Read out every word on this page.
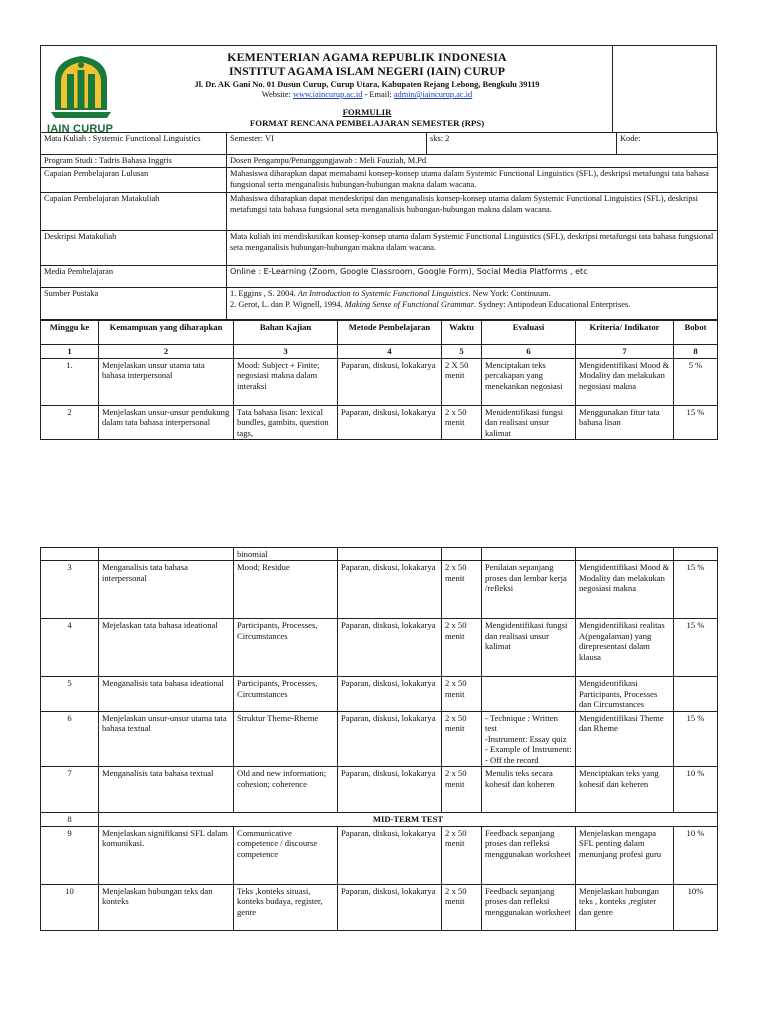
IAIN CURUP
KEMENTERIAN AGAMA REPUBLIK INDONESIA
INSTITUT AGAMA ISLAM NEGERI (IAIN) CURUP
Jl. Dr. AK Gani No. 01 Dusun Curup, Curup Utara, Kabupaten Rejang Lebong, Bengkulu 39119
Website: www.iaincurup.ac.id - Email: admin@iaincurup.ac.id
FORMULIR
FORMAT RENCANA PEMBELAJARAN SEMESTER (RPS)
Mata Kuliah : Systemic Functional Linguistics	Semester: VI	sks: 2	Kode:
Program Studi : Tadris Bahasa Inggris	Dosen Pengampu/Penanggungjawab : Meli Fauziah, M.Pd		
Capaian Pembelajaran Lulusan	Mahasiswa diharapkan dapat memahami konsep-konsep utama dalam Systemic Functional Linguistics (SFL), deskripsi metafungsi tata bahasa fungsional serta menganalisis hubungan-hubungan makna dalam wacana.		
Capaian Pembelajaran Matakuliah	Mahasiswa diharapkan dapat mendeskripsi dan menganalisis konsep-konsep utama dalam Systemic Functional Linguistics (SFL), deskripsi metafungsi tata bahasa fungsional seta menganalisis hubungan-hubungan makna dalam wacana.		
Deskripsi Matakuliah	Mata kuliah ini mendiskusikan konsep-konsep utama dalam Systemic Functional Linguistics (SFL), deskripsi metafungsi tata bahasa fungsional seta menganalisis hubungan-hubungan makna dalam wacana.		
Media Pembelajaran	Online : E-Learning (Zoom, Google Classroom, Google Form), Social Media Platforms , etc		
Sumber Pustaka	1. Eggins , S. 2004. An Introduction to Systemic Functional Linguistics. New York: Continuum.
2. Gerot, L. dan P. Wignell, 1994. Making Sense of Functional Grammar. Sydney: Antipodean Educational Enterprises.		
Minggu ke	Kemampuan yang diharapkan	Bahan Kajian	Metode Pembelajaran	Waktu	Evaluasi	Kriteria/ Indikator	Bobot
1	2	3	4	5	6	7	8
1.	Menjelaskan unsur utama tata bahasa interpersonal	Mood: Subject + Finite; negosiasi makna dalam interaksi	Paparan, diskusi, lokakarya	2 X 50 menit	Menciptakan teks percakapan yang menekankan negosiasi	Mengidentifikasi Mood & Modality dan melakukan negosiasi makna	5 %
2	Menjelaskan unsur-unsur pendukung dalam tata bahasa interpersonal	Tata bahasa lisan: lexical bundles, gambits, question tags,	Paparan, diskusi, lokakarya	2 x 50 menit	Menidentifikasi fungsi dan realisasi unsur kalimat	Menggunakan fitur tata bahasa lisan	15 %
		binomial					
3	Menganalisis tata bahasa interpersonal	Mood; Residue	Paparan, diskusi, lokakarya	2 x 50 menit	Penilaian sepanjang proses dan lembar kerja /refleksi	Mengidentifikasi Mood & Modality dan melakukan negosiasi makna	15 %
4	Mejelaskan tata bahasa ideational	Participants, Processes, Circumstances	Paparan, diskusi, lokakarya	2 x 50 menit	Mengidentifikasi fungsi dan realisasi unsur kalimat	Mengidentifikasi realitas A(pengalaman) yang direpresentasi dalam klausa	15 %
5	Menganalisis tata bahasa ideational	Participants, Processes, Circumstances	Paparan, diskusi, lokakarya	2 x 50 menit		Mengidentifikasi Participants, Processes dan Circumstances	
6	Menjelaskan unsur-unsur utama tata bahasa textual	Struktur Theme-Rheme	Paparan, diskusi, lokakarya	2 x 50 menit	- Technique : Written test
-Instrument: Essay quiz
- Example of Instrument:
- Off the record	Mengidentifikasi Theme dan Rheme	15 %
7	Menganalisis tata bahasa textual	Old and new information; cohesion; coherence	Paparan, diskusi, lokakarya	2 x 50 menit	Menulis teks secara kohesif dan koheren	Menciptakan teks yang kohesif dan keheren	10 %
8	MID-TERM TEST						
9	Menjelaskan signifikansi SFL dalam komunikasi.	Communicative competence / discourse competence	Paparan, diskusi, lokakarya	2 x 50 menit	Feedback sepanjang proses dan refleksi menggunakan worksheet	Menjelaskan mengapa SFL penting dalam menunjang profesi guru	10 %
10	Menjelaskan hubungan teks dan konteks	Teks ,konteks situasi, konteks budaya, register, genre	Paparan, diskusi, lokakarya	2 x 50 menit	Feedback sepanjang proses dan refleksi menggunakan worksheet	Menjelaskan hubungan teks , konteks ,register dan genre	10%
